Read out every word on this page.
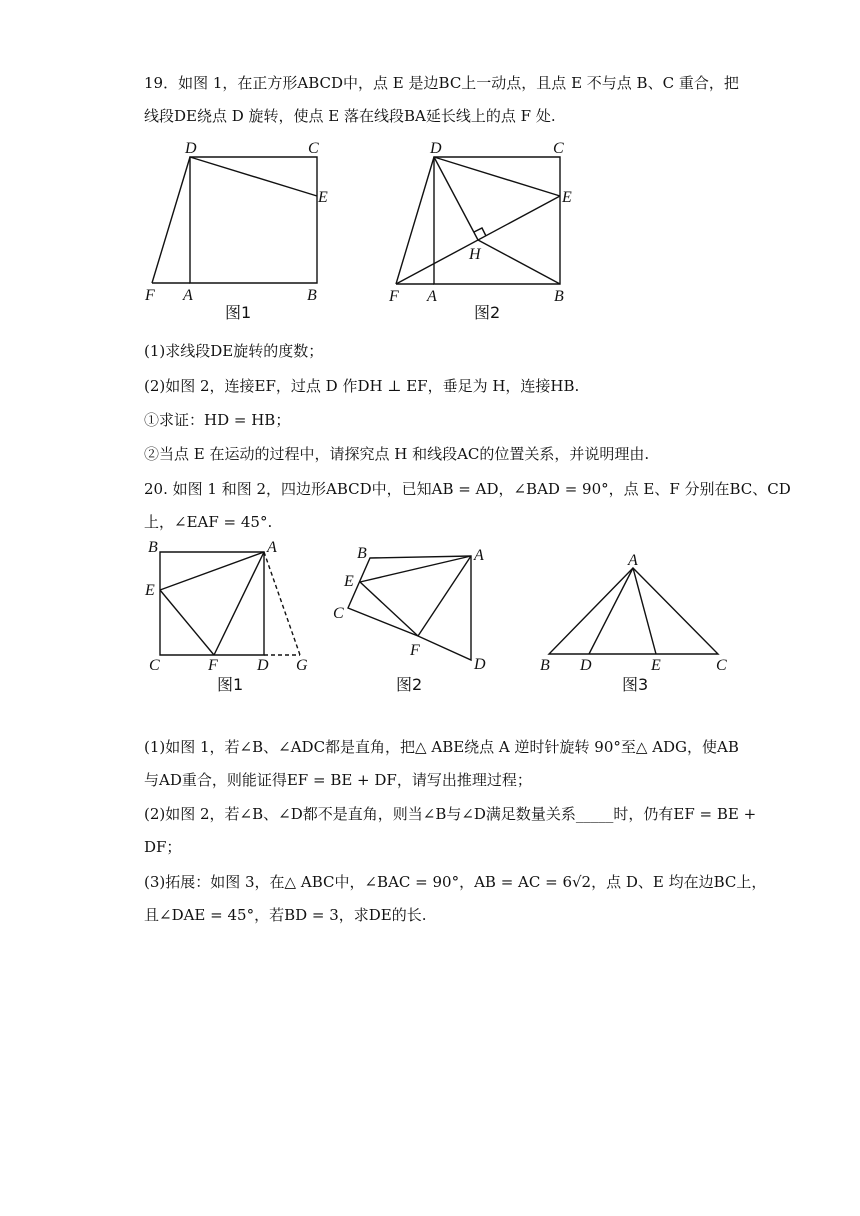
19．如图 1，在正方形ABCD中，点 E 是边BC上一动点，且点 E 不与点 B、C 重合，把
线段DE绕点 D 旋转，使点 E 落在线段BA延长线上的点 F 处.
D	C
E
F A	B
图1
D	C
E
H
F A	B
图2
B	A
E
C	F D G
图1
B	A
E
C
F
D
图2
A
B D	E	C
图3
(1)求线段DE旋转的度数；
(2)如图 2，连接EF，过点 D 作DH ⊥ EF，垂足为 H，连接HB.
①求证：HD = HB；
②当点 E 在运动的过程中，请探究点 H 和线段AC的位置关系，并说明理由.
20. 如图 1 和图 2，四边形ABCD中，已知AB = AD，∠BAD = 90°，点 E、F 分别在BC、CD
上，∠EAF = 45°.
(1)如图 1，若∠B、∠ADC都是直角，把△ ABE绕点 A 逆时针旋转 90°至△ ADG，使AB
与AD重合，则能证得EF = BE + DF，请写出推理过程；
(2)如图 2，若∠B、∠D都不是直角，则当∠B与∠D满足数量关系_____时，仍有EF = BE +
DF；
(3)拓展：如图 3，在△ ABC中，∠BAC = 90°，AB = AC = 6√2，点 D、E 均在边BC上，
且∠DAE = 45°，若BD = 3，求DE的长.
